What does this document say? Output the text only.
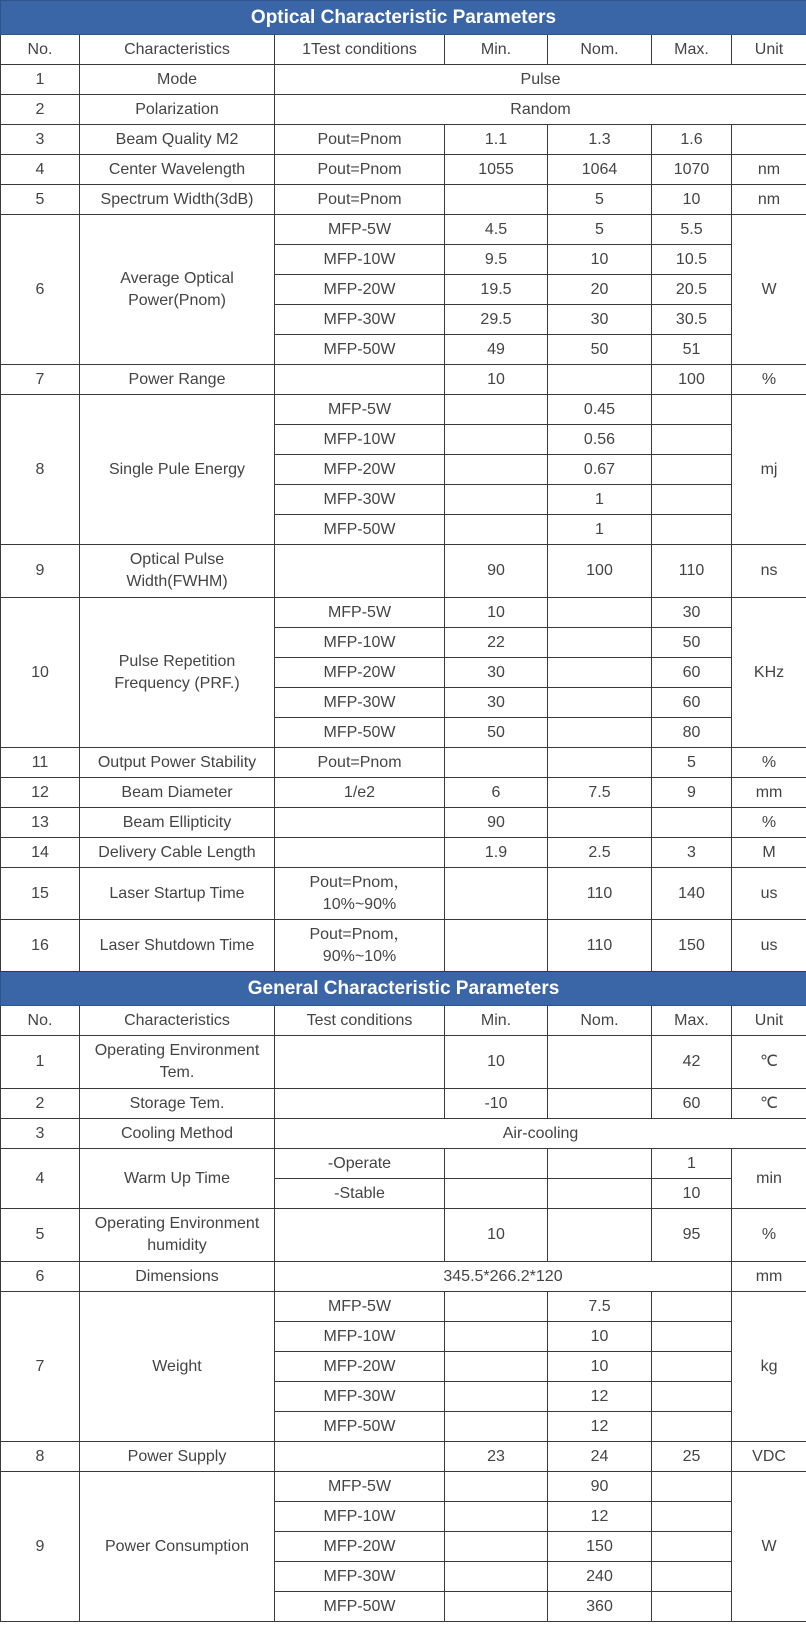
Optical Characteristic Parameters						
No.	Characteristics	1Test conditions	Min.	Nom.	Max.	Unit
1	Mode	Pulse				
2	Polarization	Random				
3	Beam Quality M2	Pout=Pnom	1.1	1.3	1.6	
4	Center Wavelength	Pout=Pnom	1055	1064	1070	nm
5	Spectrum Width(3dB)	Pout=Pnom		5	10	nm
6	Average Optical Power(Pnom)	MFP-5W	4.5	5	5.5	W
		MFP-10W	9.5	10	10.5	
		MFP-20W	19.5	20	20.5	
		MFP-30W	29.5	30	30.5	
		MFP-50W	49	50	51	
7	Power Range		10		100	%
8	Single Pule Energy	MFP-5W		0.45		mj
		MFP-10W		0.56		
		MFP-20W		0.67		
		MFP-30W		1		
		MFP-50W		1		
9	Optical Pulse Width(FWHM)		90	100	110	ns
10	Pulse Repetition Frequency (PRF.)	MFP-5W	10		30	KHz
		MFP-10W	22		50	
		MFP-20W	30		60	
		MFP-30W	30		60	
		MFP-50W	50		80	
11	Output Power Stability	Pout=Pnom			5	%
12	Beam Diameter	1/e2	6	7.5	9	mm
13	Beam Ellipticity		90			%
14	Delivery Cable Length		1.9	2.5	3	M
15	Laser Startup Time	Pout=Pnom，10%~90%		110	140	us
16	Laser Shutdown Time	Pout=Pnom，90%~10%		110	150	us
General Characteristic Parameters						
No.	Characteristics	Test conditions	Min.	Nom.	Max.	Unit
1	Operating Environment Tem.		10		42	℃
2	Storage Tem.		-10		60	℃
3	Cooling Method	Air-cooling				
4	Warm Up Time	-Operate			1	min
		-Stable			10	
5	Operating Environment humidity		10		95	%
6	Dimensions	345.5*266.2*120				mm
7	Weight	MFP-5W		7.5		kg
		MFP-10W		10		
		MFP-20W		10		
		MFP-30W		12		
		MFP-50W		12		
8	Power Supply		23	24	25	VDC
9	Power Consumption	MFP-5W		90		W
		MFP-10W		12		
		MFP-20W		150		
		MFP-30W		240		
		MFP-50W		360		
